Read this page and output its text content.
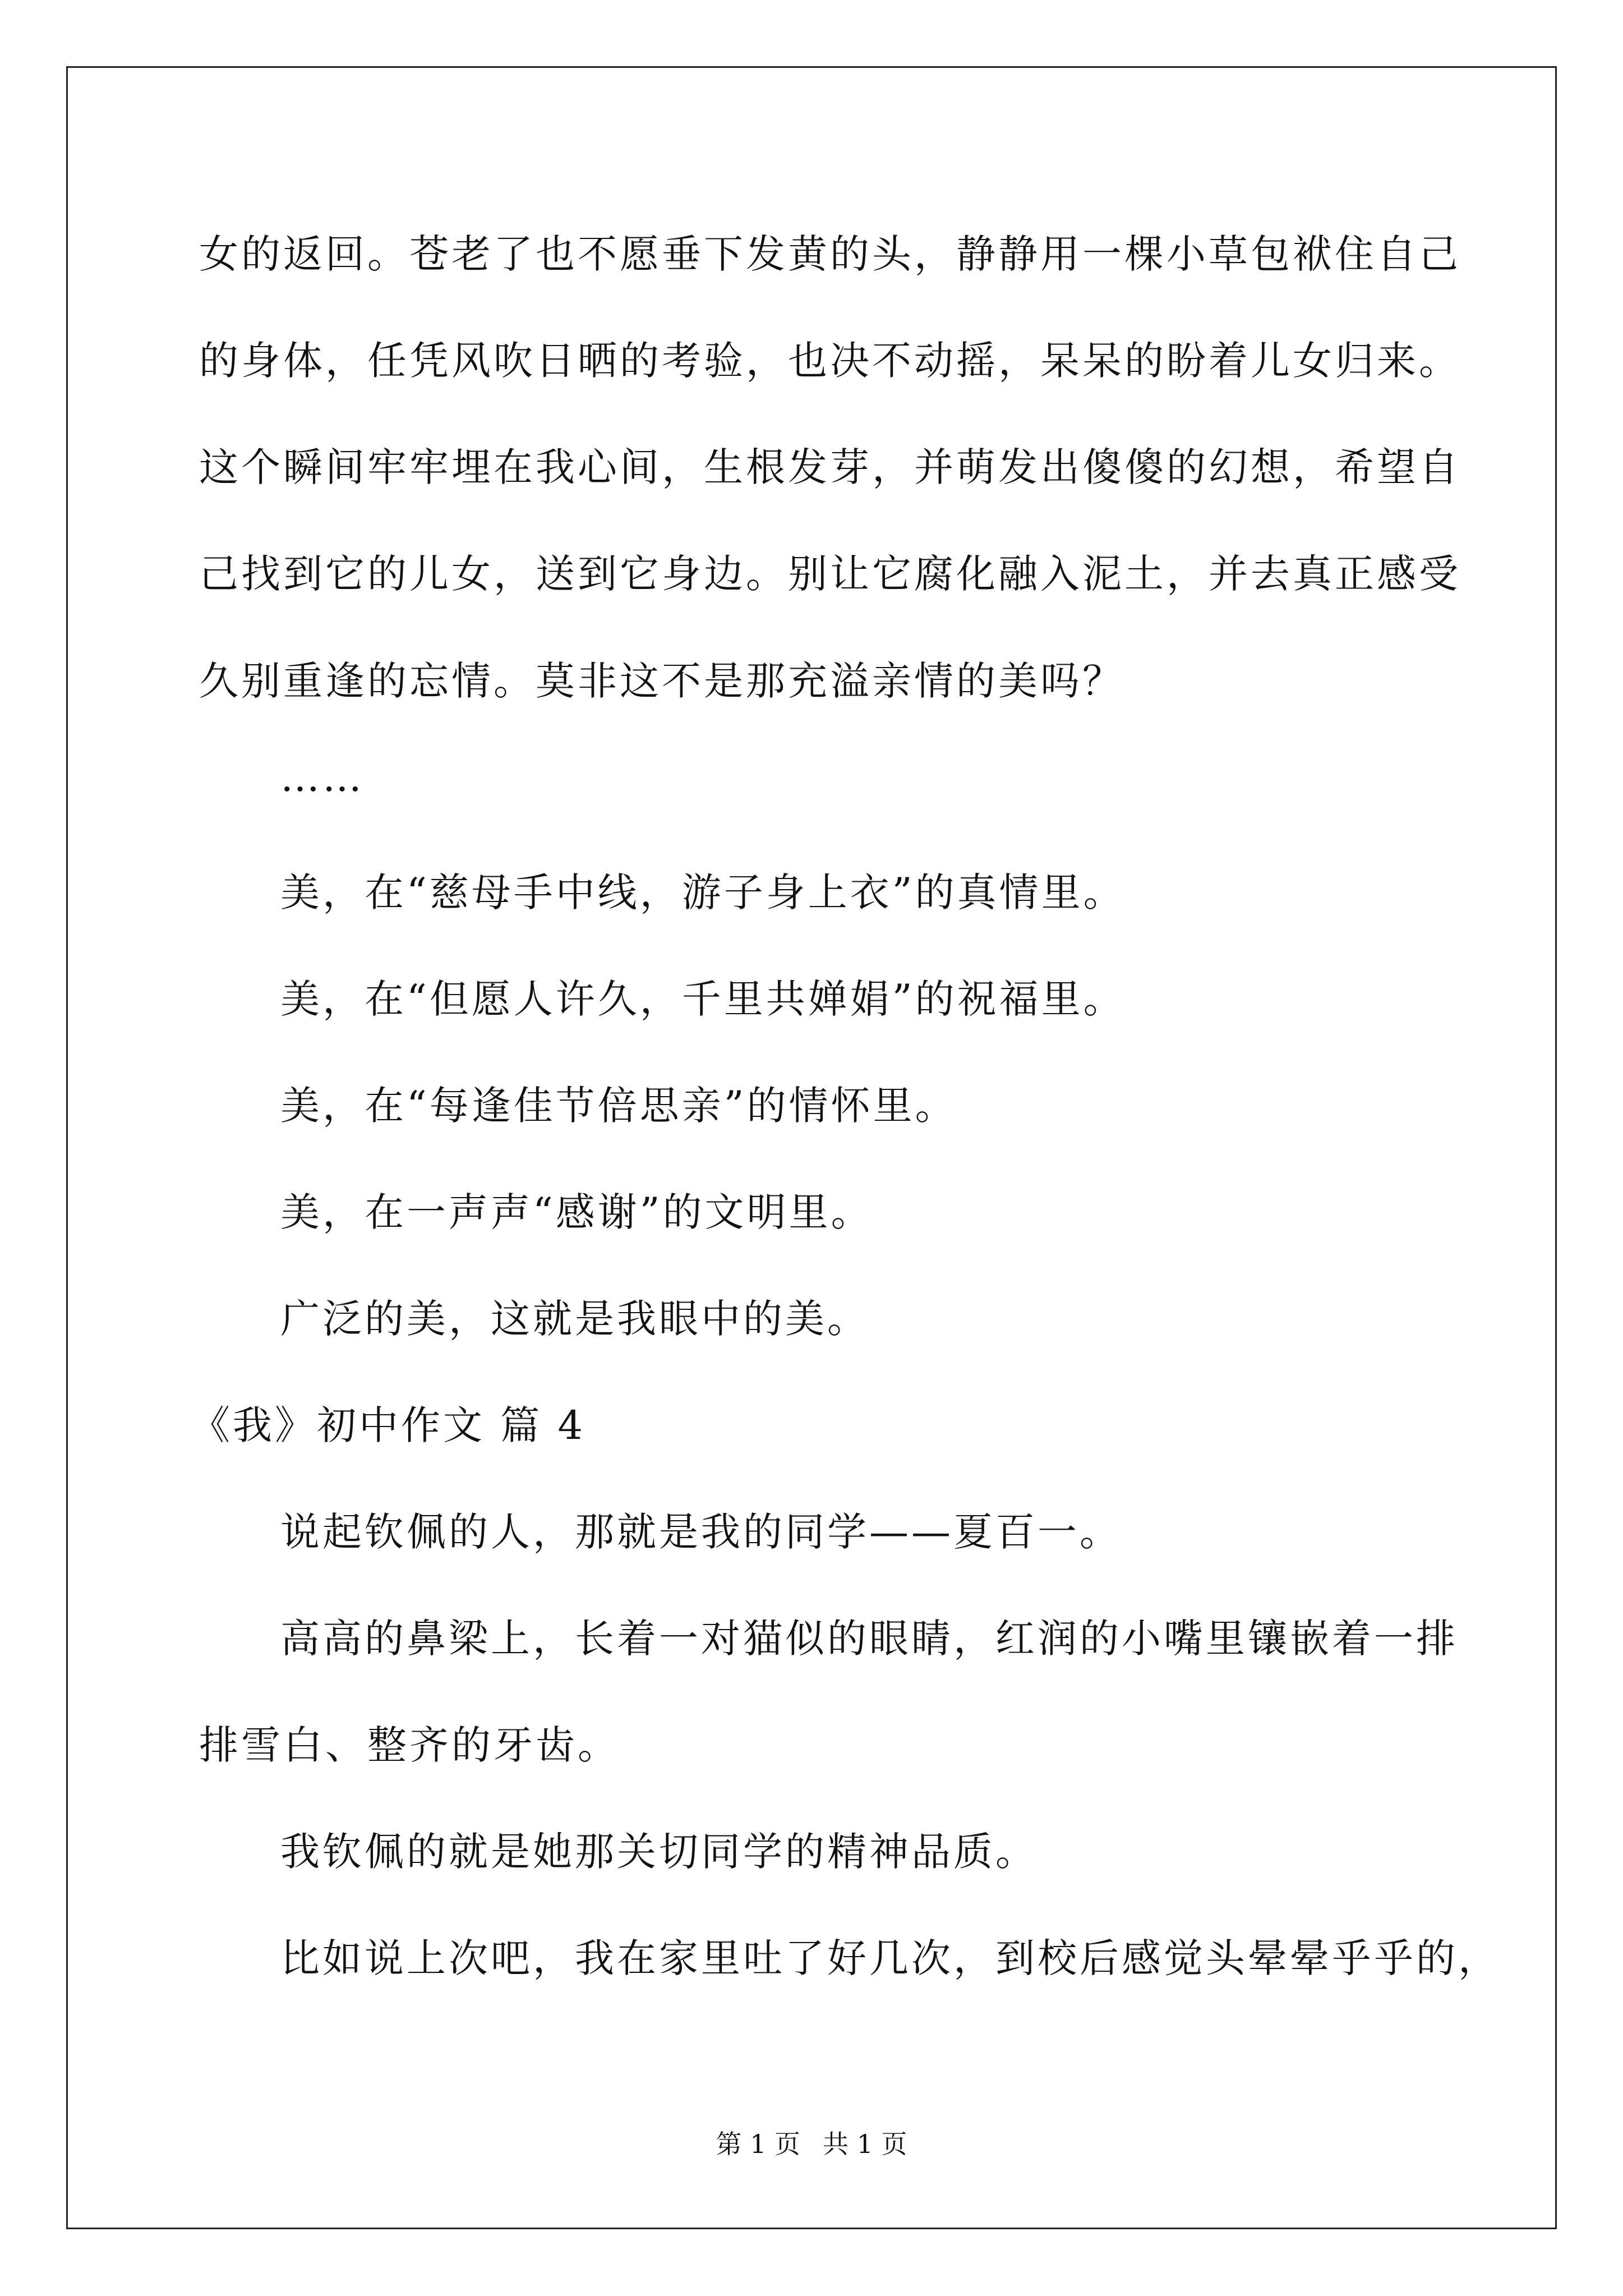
女的返回。苍老了也不愿垂下发黄的头，静静用一棵小草包袱住自己
的身体，任凭风吹日晒的考验，也决不动摇，呆呆的盼着儿女归来。
这个瞬间牢牢埋在我心间，生根发芽，并萌发出傻傻的幻想，希望自
己找到它的儿女，送到它身边。别让它腐化融入泥土，并去真正感受
久别重逢的忘情。莫非这不是那充溢亲情的美吗？
……
美，在“慈母手中线，游子身上衣”的真情里。
美，在“但愿人许久，千里共婵娟”的祝福里。
美，在“每逢佳节倍思亲”的情怀里。
美，在一声声“感谢”的文明里。
广泛的美，这就是我眼中的美。
《我》初中作文 篇 4
说起钦佩的人，那就是我的同学——夏百一。
高高的鼻梁上，长着一对猫似的眼睛，红润的小嘴里镶嵌着一排
排雪白、整齐的牙齿。
我钦佩的就是她那关切同学的精神品质。
比如说上次吧，我在家里吐了好几次，到校后感觉头晕晕乎乎的，
第 1 页 共 1 页
